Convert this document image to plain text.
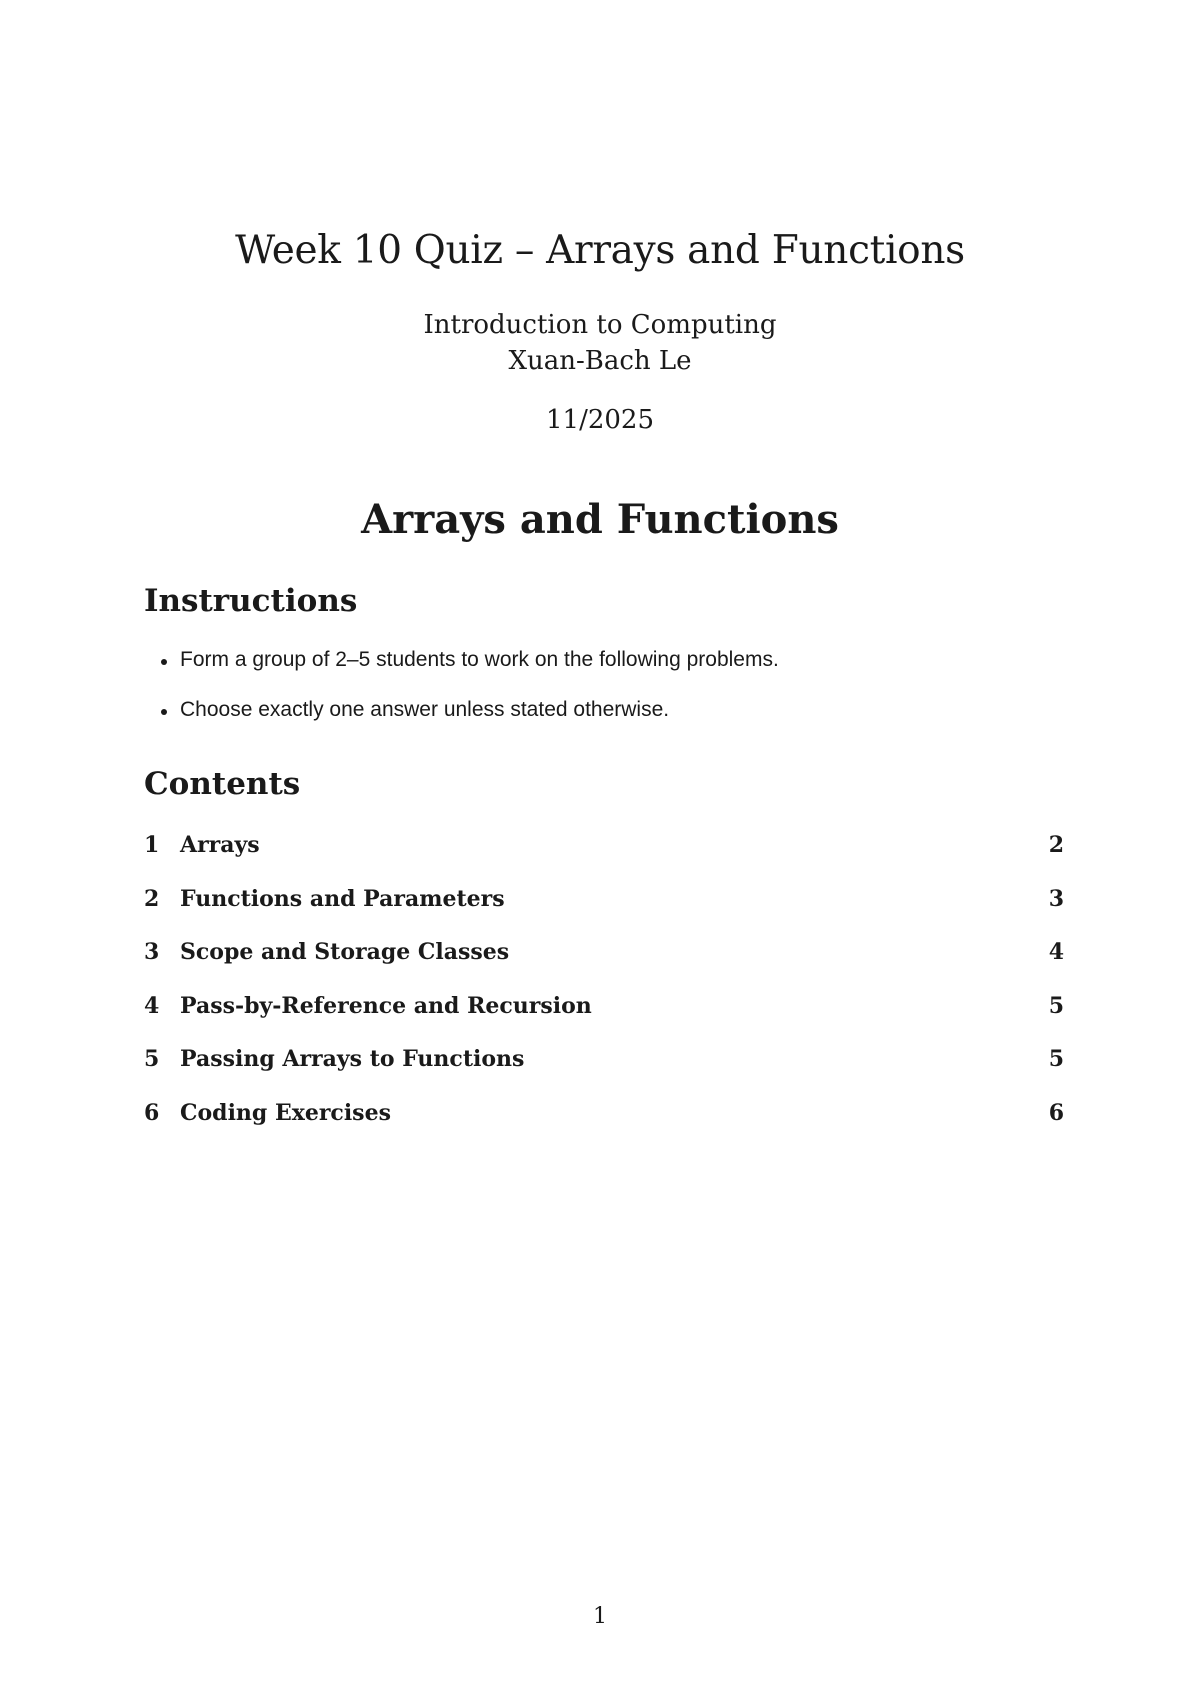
Week 10 Quiz – Arrays and Functions
Introduction to Computing
Xuan-Bach Le
11/2025
Arrays and Functions
Instructions
Form a group of 2–5 students to work on the following problems.
Choose exactly one answer unless stated otherwise.
Contents
1 Arrays	2
2 Functions and Parameters	3
3 Scope and Storage Classes	4
4 Pass-by-Reference and Recursion	5
5 Passing Arrays to Functions	5
6 Coding Exercises	6
1
